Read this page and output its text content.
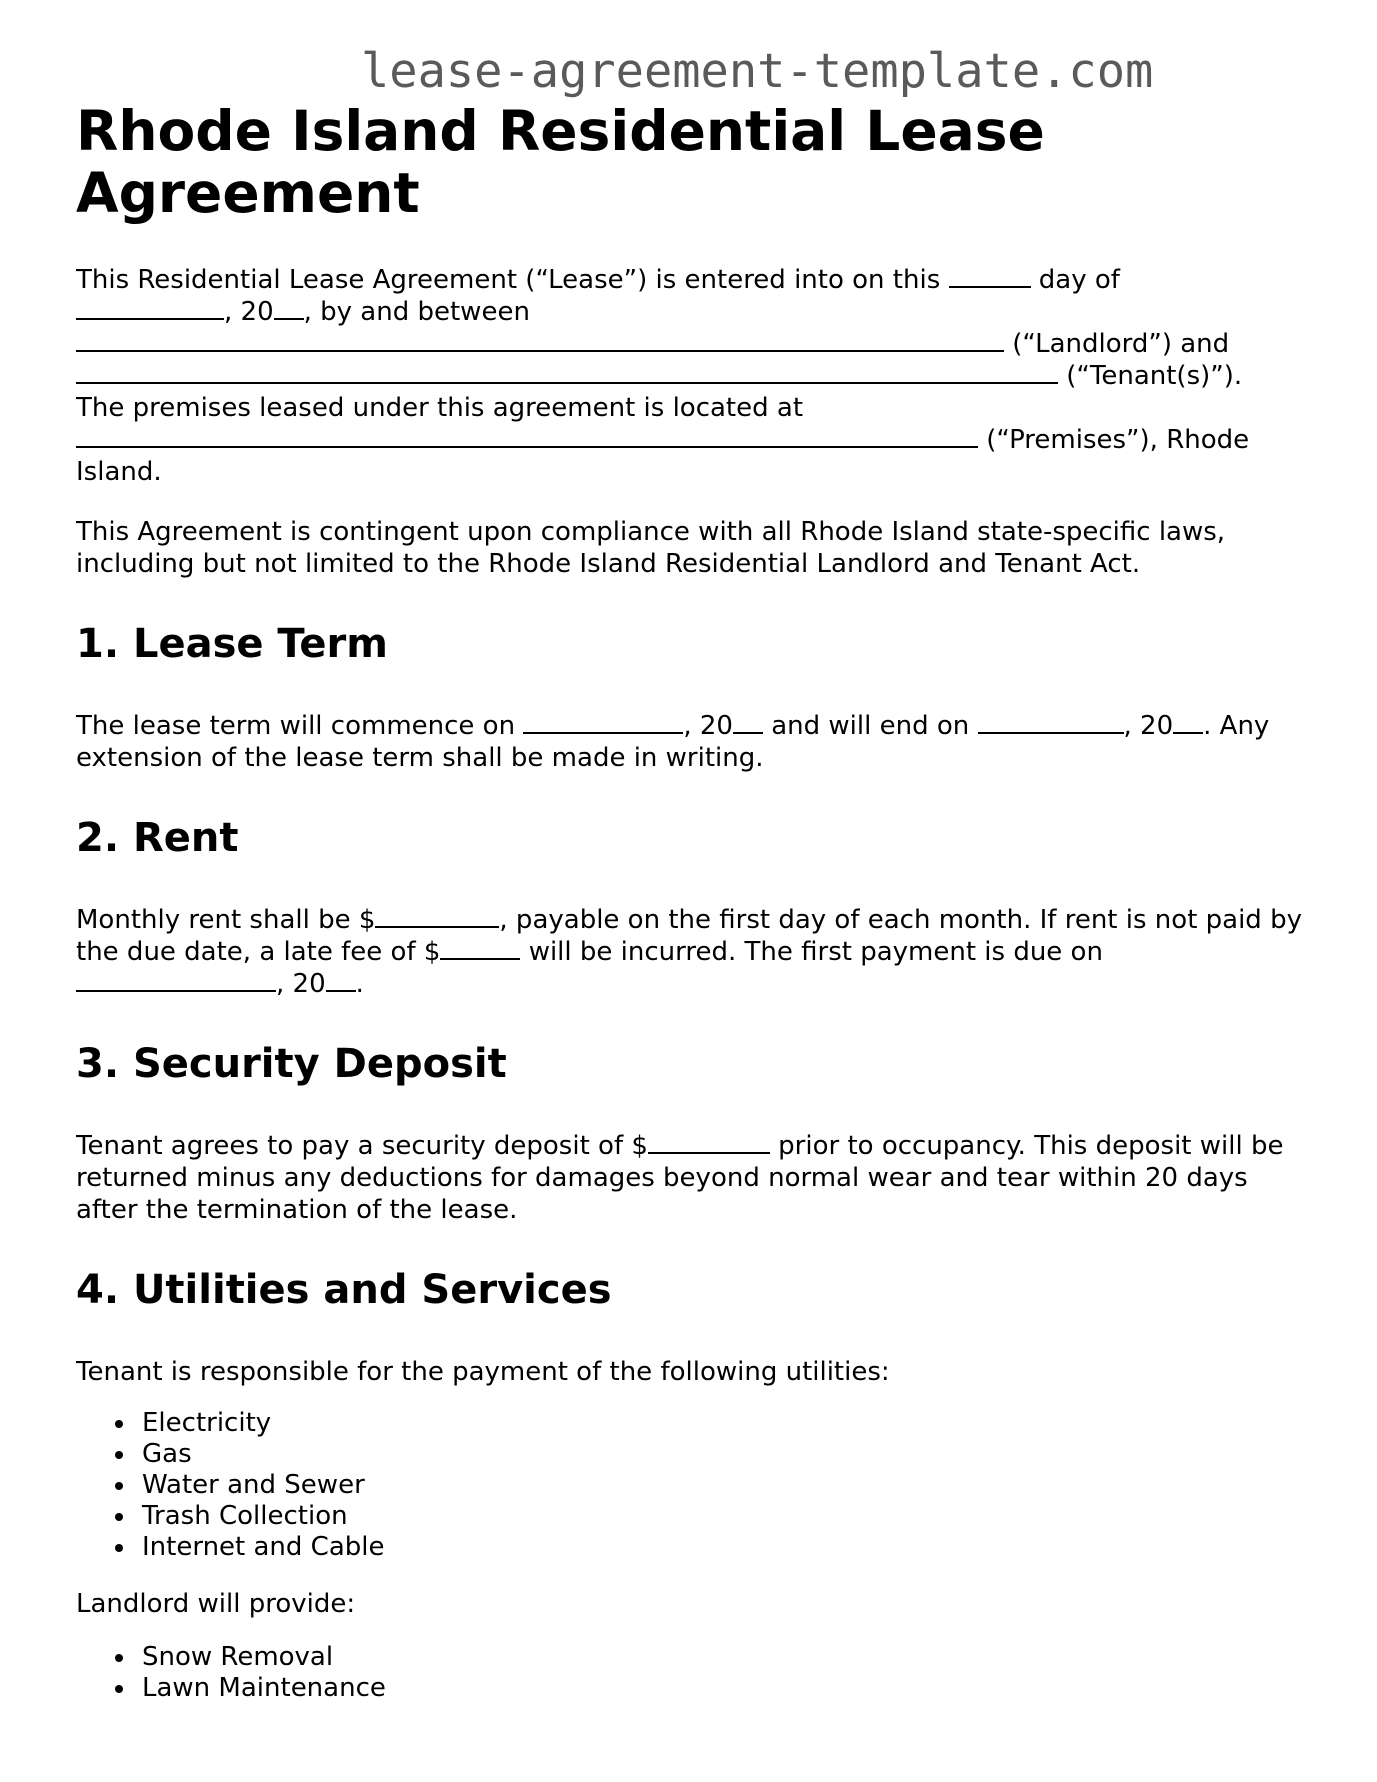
lease-agreement-template.com
Rhode Island Residential Lease Agreement

This Residential Lease Agreement (“Lease”) is entered into on this	day of
, 20 , by and between
(“Landlord”) and
(“Tenant(s)”).
The premises leased under this agreement is located at
(“Premises”), Rhode
Island.

This Agreement is contingent upon compliance with all Rhode Island state-specific laws, including but not limited to the Rhode Island Residential Landlord and Tenant Act.

1. Lease Term

The lease term will commence on	, 20 and will end on	, 20 . Any extension of the lease term shall be made in writing.

2. Rent

Monthly rent shall be $	, payable on the first day of each month. If rent is not paid by the due date, a late fee of $	will be incurred. The first payment is due on
, 20 .

3. Security Deposit

Tenant agrees to pay a security deposit of $	prior to occupancy. This deposit will be returned minus any deductions for damages beyond normal wear and tear within 20 days after the termination of the lease.

4. Utilities and Services

Tenant is responsible for the payment of the following utilities:

Electricity
Gas
Water and Sewer
Trash Collection
Internet and Cable

Landlord will provide:

Snow Removal
Lawn Maintenance
